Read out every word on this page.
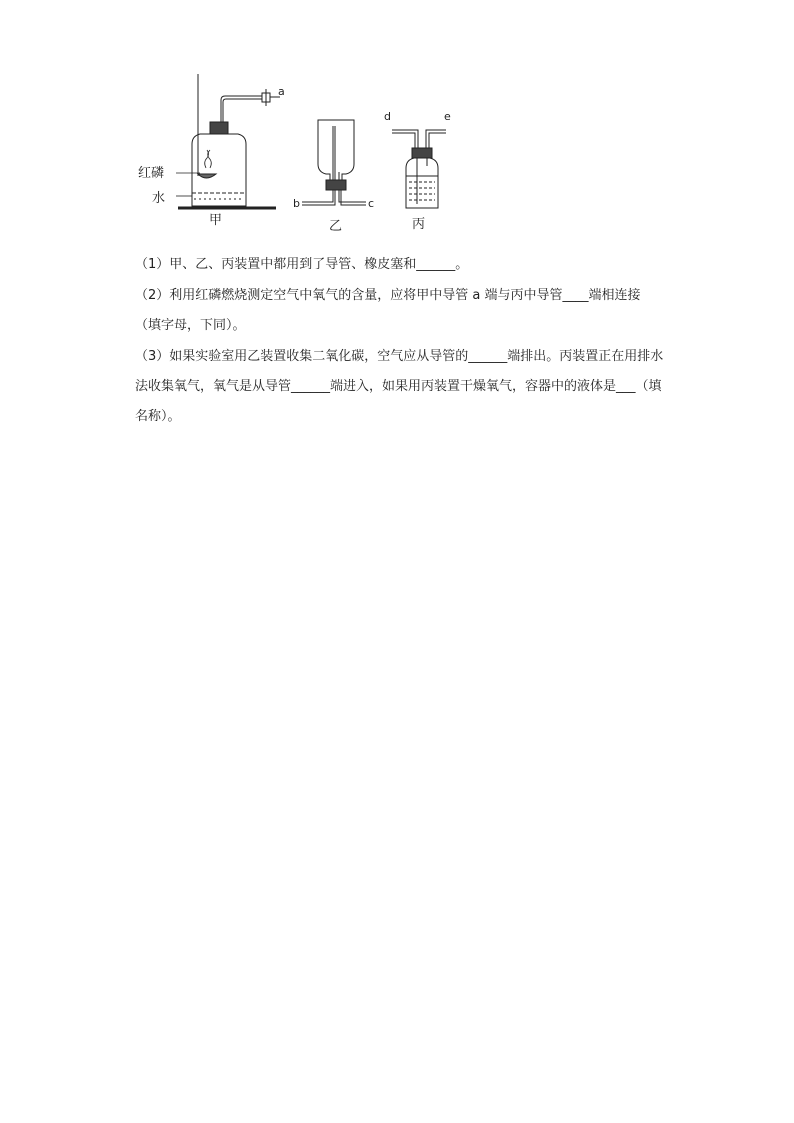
a
红磷
水
甲
b	c
乙
d	e
丙
（1）甲、乙、丙装置中都用到了导管、橡皮塞和______。
（2）利用红磷燃烧测定空气中氧气的含量，应将甲中导管 a 端与丙中导管____端相连接（填字母，下同）。
（3）如果实验室用乙装置收集二氧化碳，空气应从导管的______端排出。丙装置正在用排水法收集氧气，氧气是从导管______端进入，如果用丙装置干燥氧气，容器中的液体是___（填名称）。
